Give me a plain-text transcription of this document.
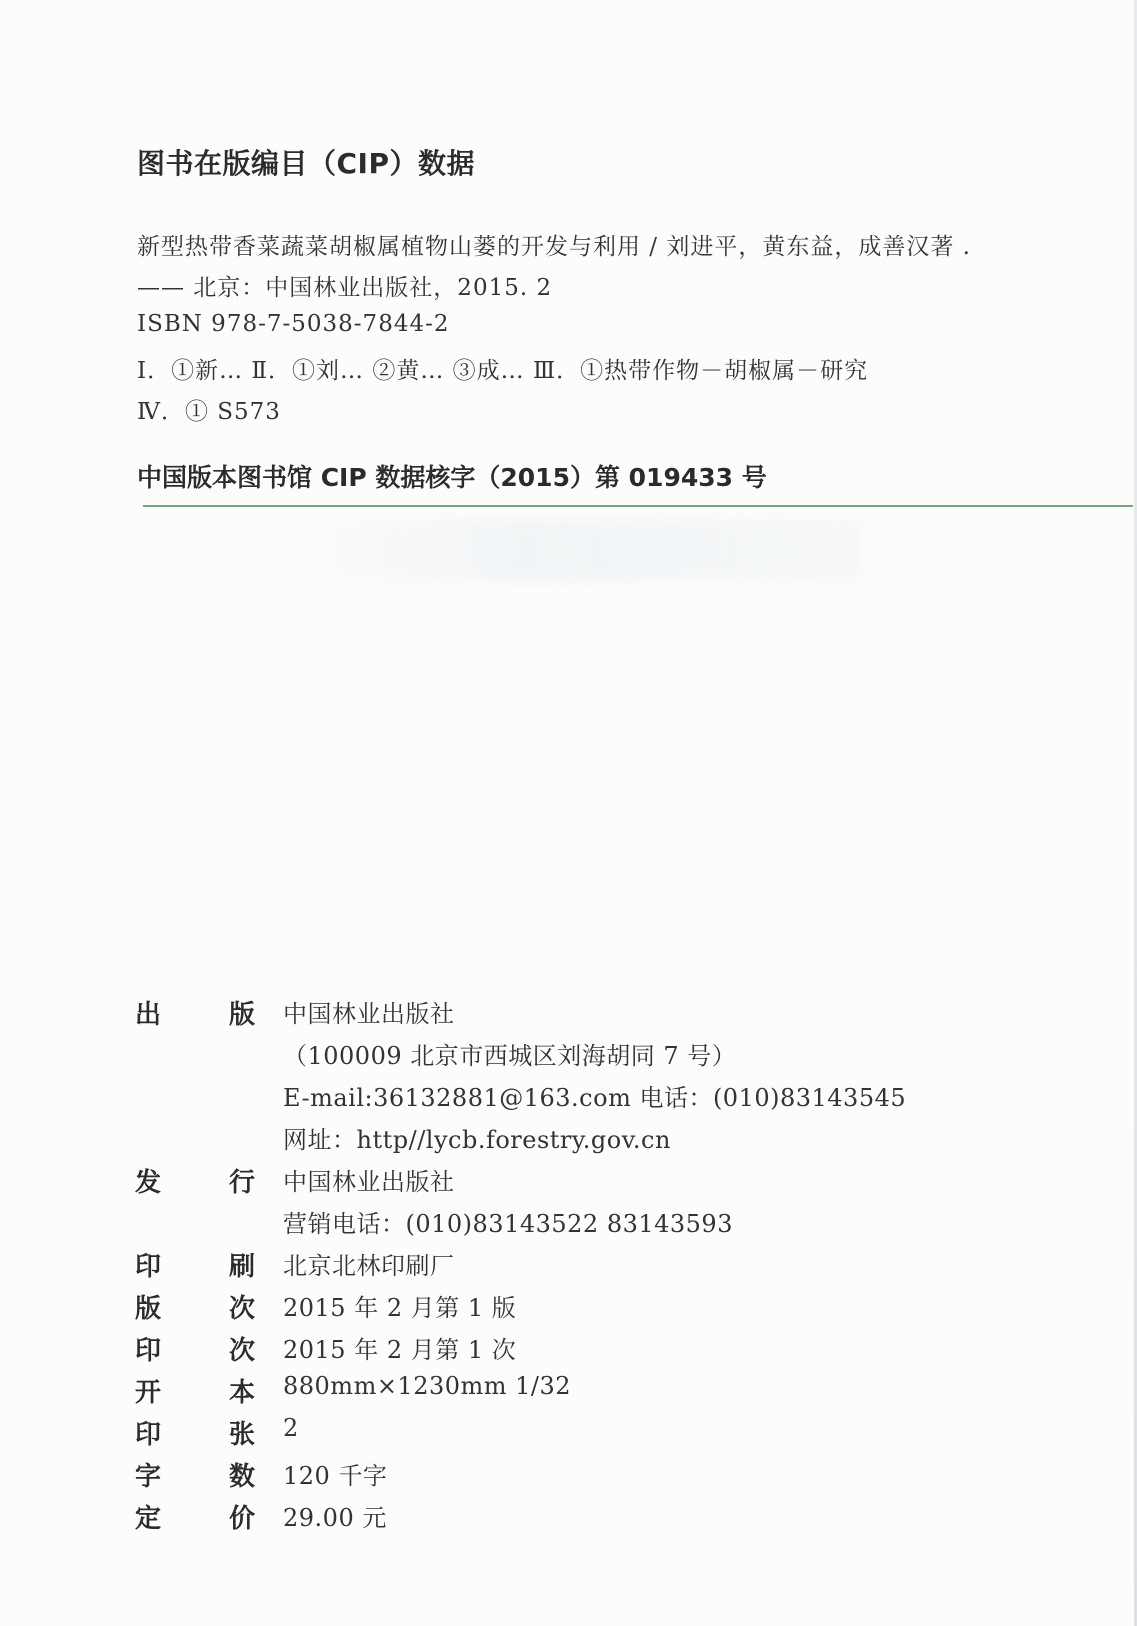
图书在版编目（CIP）数据
新型热带香菜蔬菜胡椒属植物山蒌的开发与利用 / 刘进平，黄东益，成善汉著 .
—— 北京：中国林业出版社，2015. 2
ISBN 978-7-5038-7844-2
Ⅰ．①新… Ⅱ．①刘… ②黄… ③成… Ⅲ．①热带作物－胡椒属－研究
Ⅳ．① S573
中国版本图书馆 CIP 数据核字（2015）第 019433 号
出	版 中国林业出版社
（100009 北京市西城区刘海胡同 7 号）
E-mail:36132881@163.com 电话：(010)83143545
网址：http//lycb.forestry.gov.cn
发	行 中国林业出版社
营销电话：(010)83143522 83143593
印	刷 北京北林印刷厂
版	次 2015 年 2 月第 1 版
印	次 2015 年 2 月第 1 次
开	本 880mm×1230mm 1/32
印	张 2
字	数 120 千字
定	价 29.00 元
